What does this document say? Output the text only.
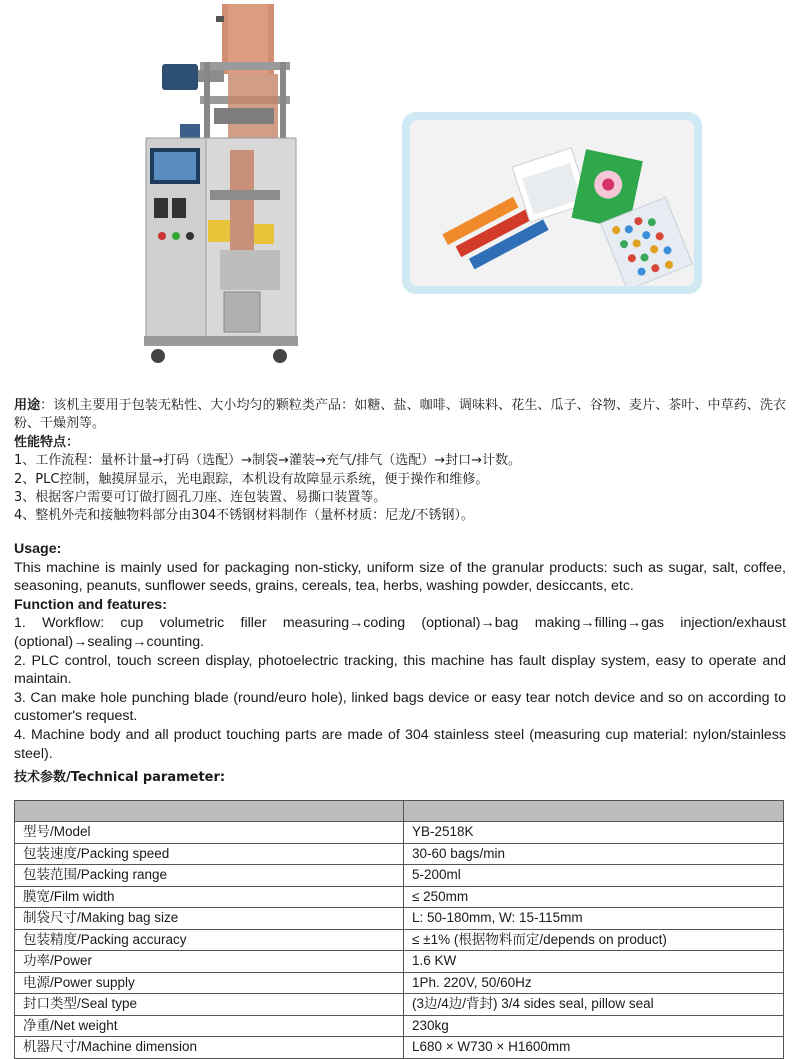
用途：该机主要用于包装无粘性、大小均匀的颗粒类产品：如糖、盐、咖啡、调味料、花生、瓜子、谷物、麦片、茶叶、中草药、洗衣粉、干燥剂等。

性能特点：

1、工作流程：量杯计量→打码（选配）→制袋→灌装→充气/排气（选配）→封口→计数。

2、PLC控制，触摸屏显示，光电跟踪，本机设有故障显示系统，便于操作和维修。

3、根据客户需要可订做打圆孔刀座、连包装置、易撕口装置等。

4、整机外壳和接触物料部分由304不锈钢材料制作（量杯材质：尼龙/不锈钢）。

Usage:

This machine is mainly used for packaging non-sticky, uniform size of the granular products: such as sugar, salt, coffee, seasoning, peanuts, sunflower seeds, grains, cereals, tea, herbs, washing powder, desiccants, etc.

Function and features:

1. Workflow: cup volumetric filler measuring→coding (optional)→bag making→filling→gas injection/exhaust (optional)→sealing→counting.

2. PLC control, touch screen display, photoelectric tracking, this machine has fault display system, easy to operate and maintain.

3. Can make hole punching blade (round/euro hole), linked bags device or easy tear notch device and so on according to customer's request.

4. Machine body and all product touching parts are made of 304 stainless steel (measuring cup material: nylon/stainless steel).

技术参数/Technical parameter:

型号/Model	YB-2518K
包装速度/Packing speed	30-60 bags/min
包装范围/Packing range	5-200ml
膜宽/Film width	≤ 250mm
制袋尺寸/Making bag size	L: 50-180mm, W: 15-115mm
包装精度/Packing accuracy	≤ ±1% (根据物料而定/depends on product)
功率/Power	1.6 KW
电源/Power supply	1Ph. 220V, 50/60Hz
封口类型/Seal type	(3边/4边/背封) 3/4 sides seal, pillow seal
净重/Net weight	230kg
机器尺寸/Machine dimension	L680 × W730 × H1600mm
